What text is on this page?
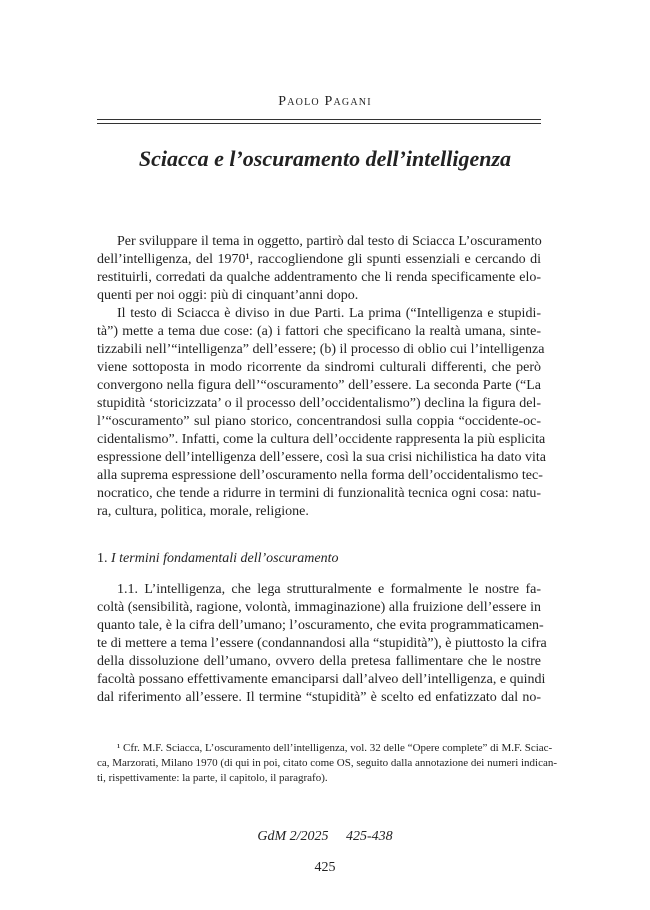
Paolo Pagani
Sciacca e l’oscuramento dell’intelligenza
Per sviluppare il tema in oggetto, partirò dal testo di Sciacca L’oscuramento
dell’intelligenza, del 1970¹, raccogliendone gli spunti essenziali e cercando di
restituirli, corredati da qualche addentramento che li renda specificamente elo-
quenti per noi oggi: più di cinquant’anni dopo.
Il testo di Sciacca è diviso in due Parti. La prima (“Intelligenza e stupidi-
tà”) mette a tema due cose: (a) i fattori che specificano la realtà umana, sinte-
tizzabili nell’“intelligenza” dell’essere; (b) il processo di oblio cui l’intelligenza
viene sottoposta in modo ricorrente da sindromi culturali differenti, che però
convergono nella figura dell’“oscuramento” dell’essere. La seconda Parte (“La
stupidità ‘storicizzata’ o il processo dell’occidentalismo”) declina la figura del-
l’“oscuramento” sul piano storico, concentrandosi sulla coppia “occidente-oc-
cidentalismo”. Infatti, come la cultura dell’occidente rappresenta la più esplicita
espressione dell’intelligenza dell’essere, così la sua crisi nichilistica ha dato vita
alla suprema espressione dell’oscuramento nella forma dell’occidentalismo tec-
nocratico, che tende a ridurre in termini di funzionalità tecnica ogni cosa: natu-
ra, cultura, politica, morale, religione.
1. I termini fondamentali dell’oscuramento
1.1. L’intelligenza, che lega strutturalmente e formalmente le nostre fa-
coltà (sensibilità, ragione, volontà, immaginazione) alla fruizione dell’essere in
quanto tale, è la cifra dell’umano; l’oscuramento, che evita programmaticamen-
te di mettere a tema l’essere (condannandosi alla “stupidità”), è piuttosto la cifra
della dissoluzione dell’umano, ovvero della pretesa fallimentare che le nostre
facoltà possano effettivamente emanciparsi dall’alveo dell’intelligenza, e quindi
dal riferimento all’essere. Il termine “stupidità” è scelto ed enfatizzato dal no-
¹ Cfr. M.F. Sciacca, L’oscuramento dell’intelligenza, vol. 32 delle “Opere complete” di M.F. Sciac-
ca, Marzorati, Milano 1970 (di qui in poi, citato come OS, seguito dalla annotazione dei numeri indican-
ti, rispettivamente: la parte, il capitolo, il paragrafo).
GdM 2/2025 425-438
425
